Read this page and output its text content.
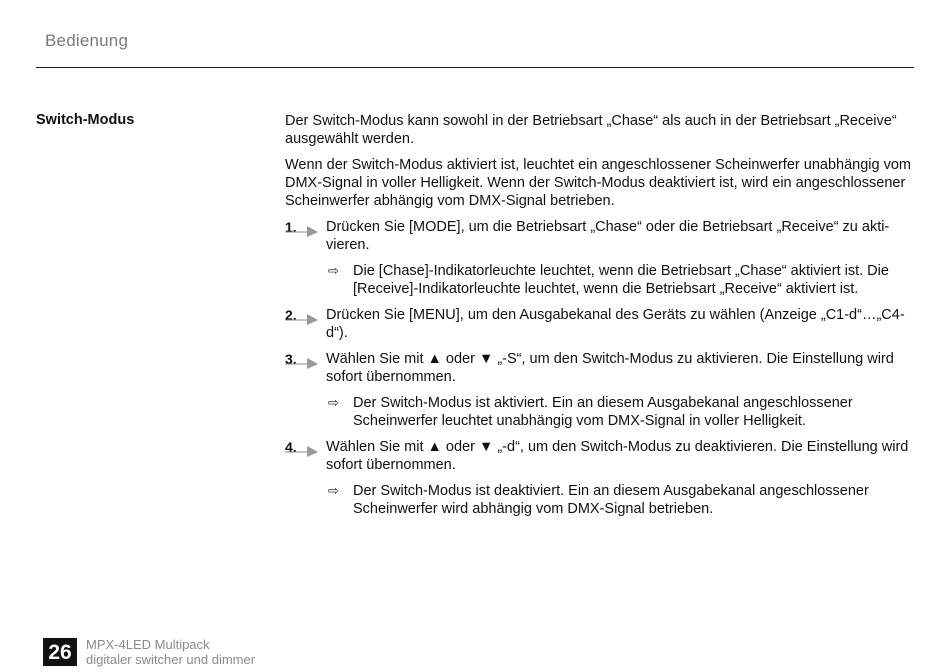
Bedienung
Switch-Modus	Der Switch-Modus kann sowohl in der Betriebsart „Chase“ als auch in der Betriebsart „Receive“ ausgewählt werden.

Wenn der Switch-Modus aktiviert ist, leuchtet ein angeschlossener Scheinwerfer unabhängig vom DMX-Signal in voller Helligkeit. Wenn der Switch-Modus deaktiviert ist, wird ein angeschlossener Scheinwerfer abhängig vom DMX-Signal betrieben.

1. Drücken Sie [MODE], um die Betriebsart „Chase“ oder die Betriebsart „Receive“ zu aktivieren.
⇨ Die [Chase]-Indikatorleuchte leuchtet, wenn die Betriebsart „Chase“ aktiviert ist. Die [Receive]-Indikatorleuchte leuchtet, wenn die Betriebsart „Receive“ aktiviert ist.
2. Drücken Sie [MENU], um den Ausgabekanal des Geräts zu wählen (Anzeige „C1-d“…„C4-d“).
3. Wählen Sie mit ▲ oder ▼ „-S“, um den Switch-Modus zu aktivieren. Die Einstellung wird sofort übernommen.
⇨ Der Switch-Modus ist aktiviert. Ein an diesem Ausgabekanal angeschlossener Scheinwerfer leuchtet unabhängig vom DMX-Signal in voller Helligkeit.
4. Wählen Sie mit ▲ oder ▼ „-d“, um den Switch-Modus zu deaktivieren. Die Einstellung wird sofort übernommen.
⇨ Der Switch-Modus ist deaktiviert. Ein an diesem Ausgabekanal angeschlossener Scheinwerfer wird abhängig vom DMX-Signal betrieben.
26	MPX-4LED Multipack
digitaler switcher und dimmer
